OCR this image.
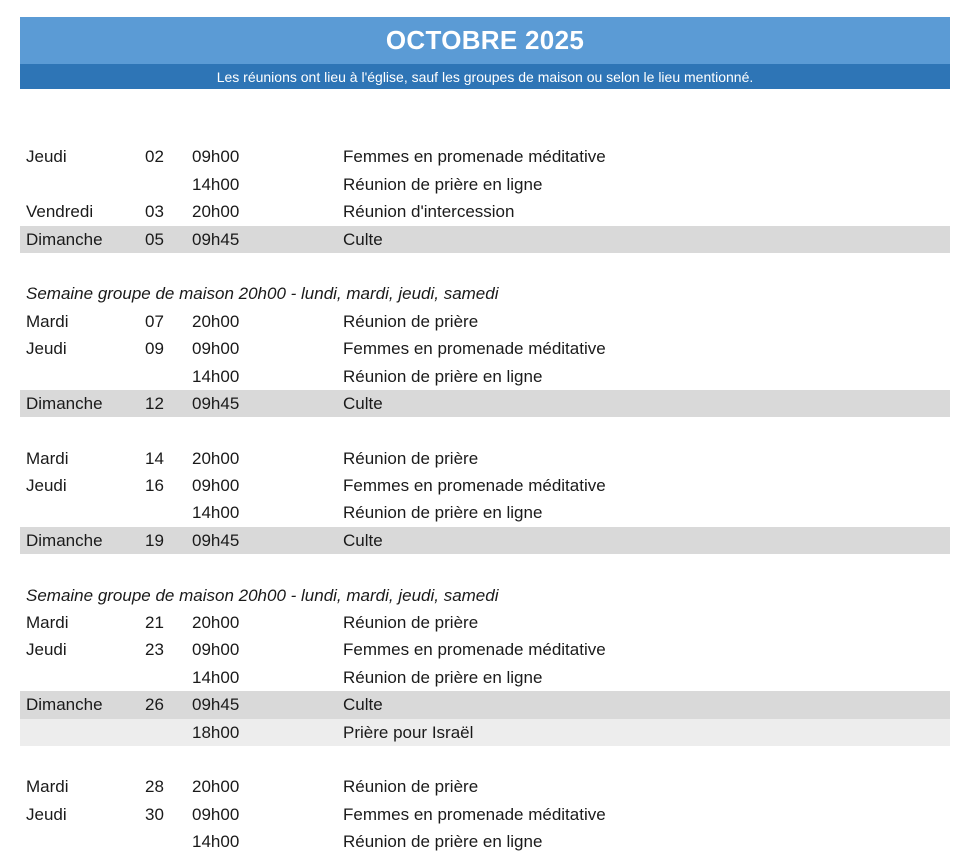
OCTOBRE 2025
Les réunions ont lieu à l'église, sauf les groupes de maison ou selon le lieu mentionné.
Jeudi	02 09h00	Femmes en promenade méditative
14h00	Réunion de prière en ligne
Vendredi	03 20h00	Réunion d'intercession
Dimanche 05 09h45	Culte
Semaine groupe de maison 20h00 - lundi, mardi, jeudi, samedi
Mardi	07 20h00	Réunion de prière
Jeudi	09 09h00	Femmes en promenade méditative
14h00	Réunion de prière en ligne
Dimanche 12 09h45	Culte
Mardi	14 20h00	Réunion de prière
Jeudi	16 09h00	Femmes en promenade méditative
14h00	Réunion de prière en ligne
Dimanche 19 09h45	Culte
Semaine groupe de maison 20h00 - lundi, mardi, jeudi, samedi
Mardi	21 20h00	Réunion de prière
Jeudi	23 09h00	Femmes en promenade méditative
14h00	Réunion de prière en ligne
Dimanche 26 09h45	Culte
18h00	Prière pour Israël
Mardi	28 20h00	Réunion de prière
Jeudi	30 09h00	Femmes en promenade méditative
14h00	Réunion de prière en ligne
